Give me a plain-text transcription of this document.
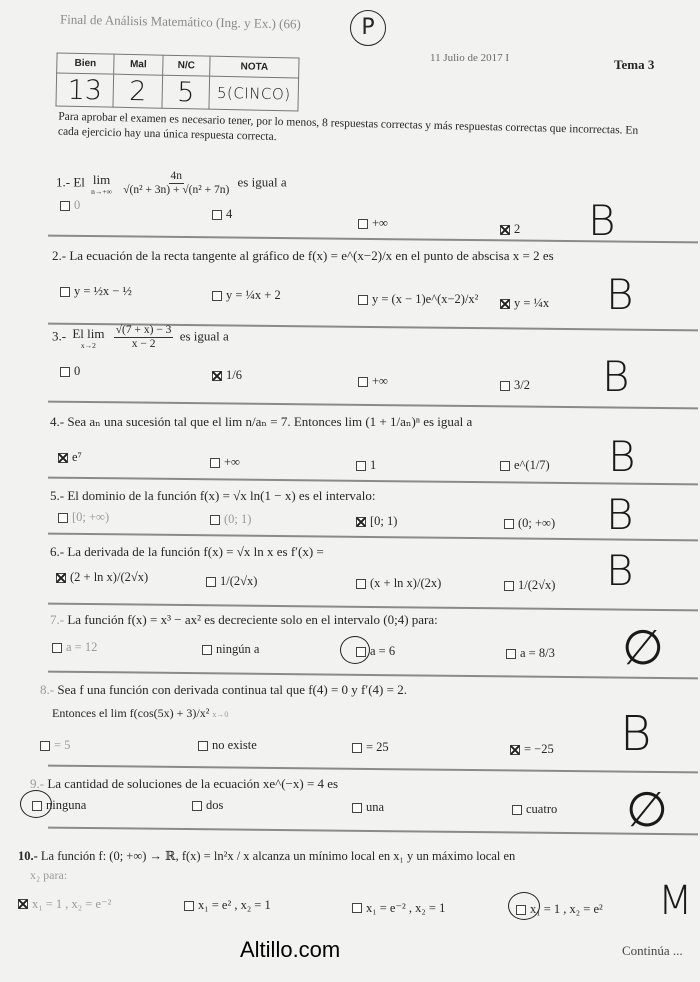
Final de Análisis Matemático (Ing. y Ex.) (66)	P
11 Julio de 2017 I	Tema 3
Bien	Mal	N/C	NOTA
13	2	5	5(CINCO)
Para aprobar el examen es necesario tener, por lo menos, 8 respuestas correctas y más respuestas correctas que incorrectas. En cada ejercicio hay una única respuesta correcta.
1.- El lim
n→+∞
$\frac{4n}{\text{√(n² + 3n) + √(n² + 7n)}}$ es igual a
0
4
+∞	2 B
2.- La ecuación de la recta tangente al gráfico de f(x) = e^(x−2)/x en el punto de abscisa x = 2 es
y = ½x − ½	y = ¼x + 2	y = (x − 1)e^(x−2)/x²	y = ¼x B
3.- El lim
x→2
$\frac{√(7 + x) - 3}{x - 2}$ es igual a
0	1/6	+∞	3/2 B
4.- Sea aₙ una sucesión tal que el lim n/aₙ = 7. Entonces lim (1 + 1/aₙ)ⁿ es igual a
e⁷	+∞	1	e^(1/7) B
5.- El dominio de la función f(x) = √x ln(1 − x) es el intervalo:
[0; +∞)	(0; 1)	[0; 1)	(0; +∞) B
6.- La derivada de la función f(x) = √x ln x es f′(x) =
(2 + ln x)/(2√x)	1/(2√x)	(x + ln x)/(2x)	1/(2√x) B
7.- La función f(x) = x³ − ax² es decreciente solo en el intervalo (0;4) para:
a = 12	ningún a	a = 6	a = 8/3 ∅
8.- Sea f una función con derivada continua tal que f(4) = 0 y f′(4) = 2.
Entonces el lim f(cos(5x) + 3)/x² x→0
= 5	no existe	= 25	= −25 B
9.- La cantidad de soluciones de la ecuación xe^(−x) = 4 es
ninguna	dos	una	cuatro ∅
10.- La función f: (0; +∞) → ℝ, f(x) = ln²x / x alcanza un mínimo local en x₁ y un máximo local en
x₂ para:
x₁ = 1 , x₂ = e⁻²	x₁ = e² , x₂ = 1	x₁ = e⁻² , x₂ = 1	x₁ = 1 , x₂ = e² M
Altillo.com	Continúa ...
